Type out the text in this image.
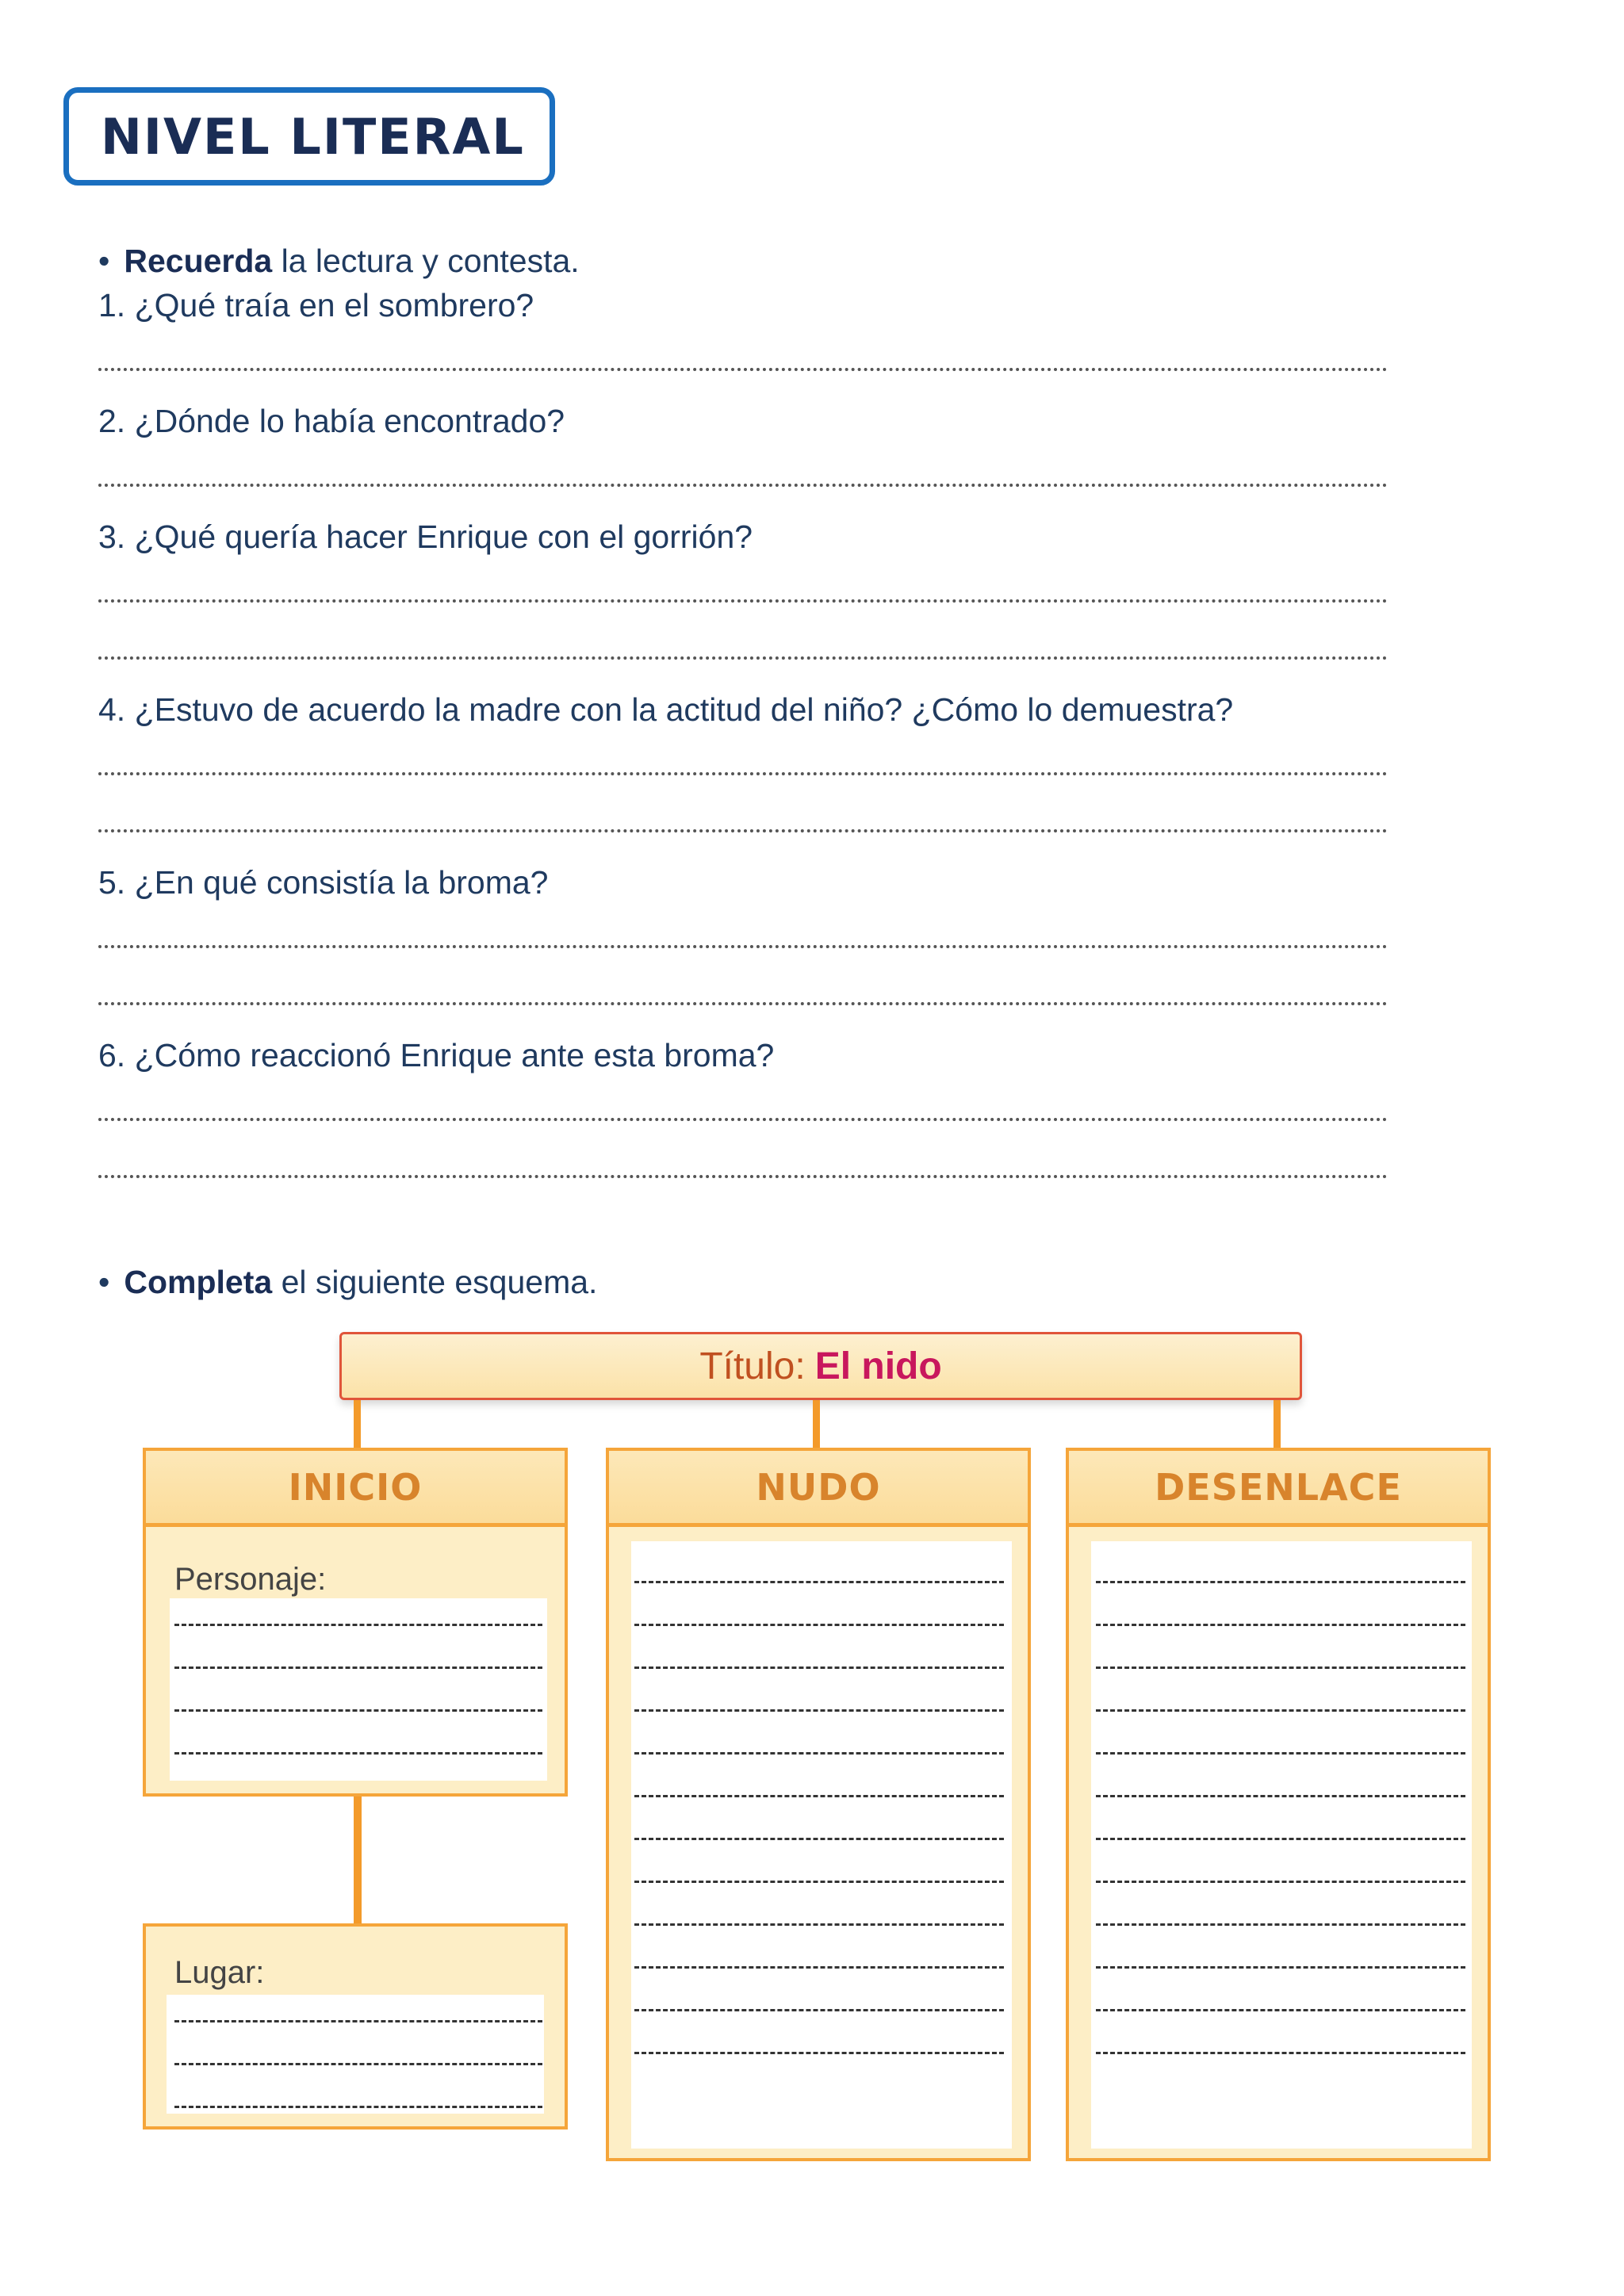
NIVEL LITERAL
• Recuerda la lectura y contesta.
1. ¿Qué traía en el sombrero?
2. ¿Dónde lo había encontrado?
3. ¿Qué quería hacer Enrique con el gorrión?
4. ¿Estuvo de acuerdo la madre con la actitud del niño? ¿Cómo lo demuestra?
5. ¿En qué consistía la broma?
6. ¿Cómo reaccionó Enrique ante esta broma?
• Completa el siguiente esquema.
Título: El nido
INICIO
Personaje:
Lugar:
NUDO	DESENLACE
